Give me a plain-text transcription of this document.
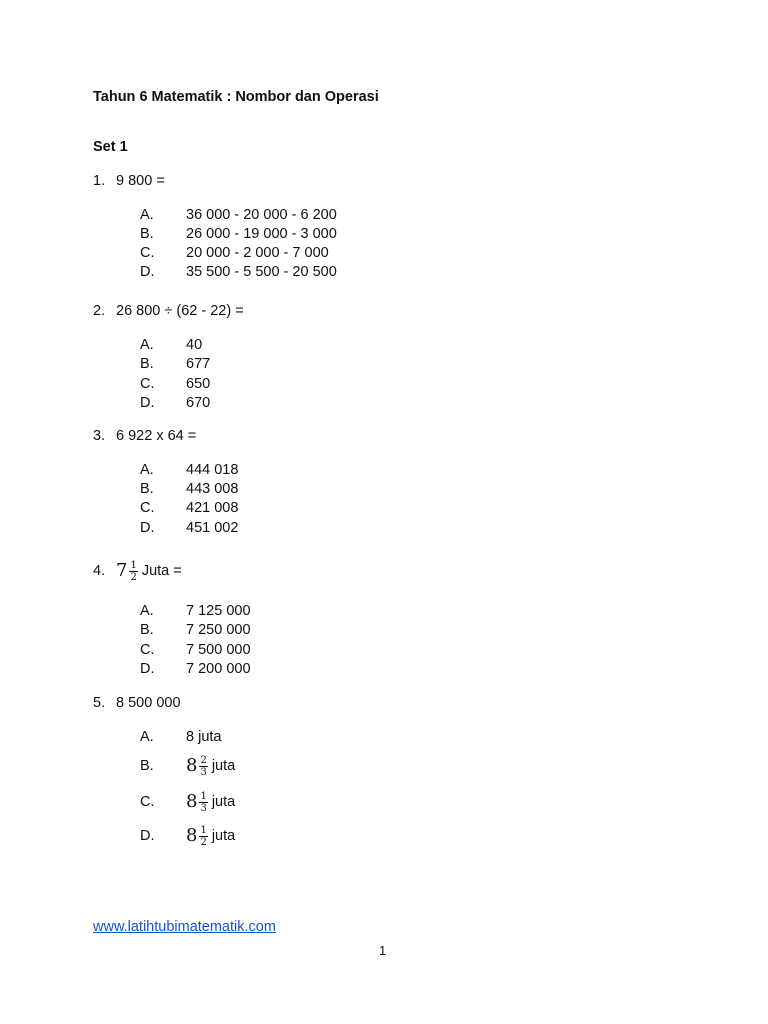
Tahun 6 Matematik : Nombor dan Operasi
Set 1
1. 9 800 =
A. 36 000 - 20 000 - 6 200
B. 26 000 - 19 000 - 3 000
C. 20 000 - 2 000 - 7 000
D. 35 500 - 5 500 - 20 500
2. 26 800 ÷ (62 - 22) =
A. 40
B. 677
C. 650
D. 670
3. 6 922 x 64 =
A. 444 018
B. 443 008
C. 421 008
D. 451 002
4. $7 \frac{1}{2}$ Juta =
A. 7 125 000
B. 7 250 000
C. 7 500 000
D. 7 200 000
5. 8 500 000
A. 8 juta
B. $8 \frac{2}{3}$ juta
C. $8 \frac{1}{3}$ juta
D. $8 \frac{1}{2}$ juta
www.latihtubimatematik.com
1
